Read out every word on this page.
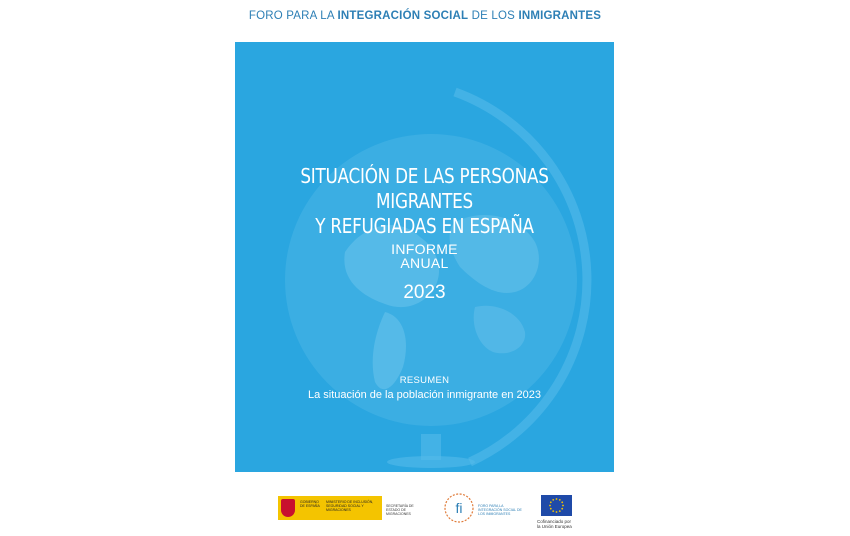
FORO PARA LA INTEGRACIÓN SOCIAL DE LOS INMIGRANTES
SITUACIÓN DE LAS PERSONAS MIGRANTES
Y REFUGIADAS EN ESPAÑA
INFORME
ANUAL
2023
RESUMEN
La situación de la población inmigrante en 2023
GOBIERNO DE ESPAÑA
MINISTERIO DE INCLUSIÓN, SEGURIDAD SOCIAL Y MIGRACIONES
SECRETARÍA DE ESTADO DE MIGRACIONES	fi	FORO PARA LA INTEGRACIÓN SOCIAL DE LOS INMIGRANTES
Cofinanciado por
la Unión Europea
